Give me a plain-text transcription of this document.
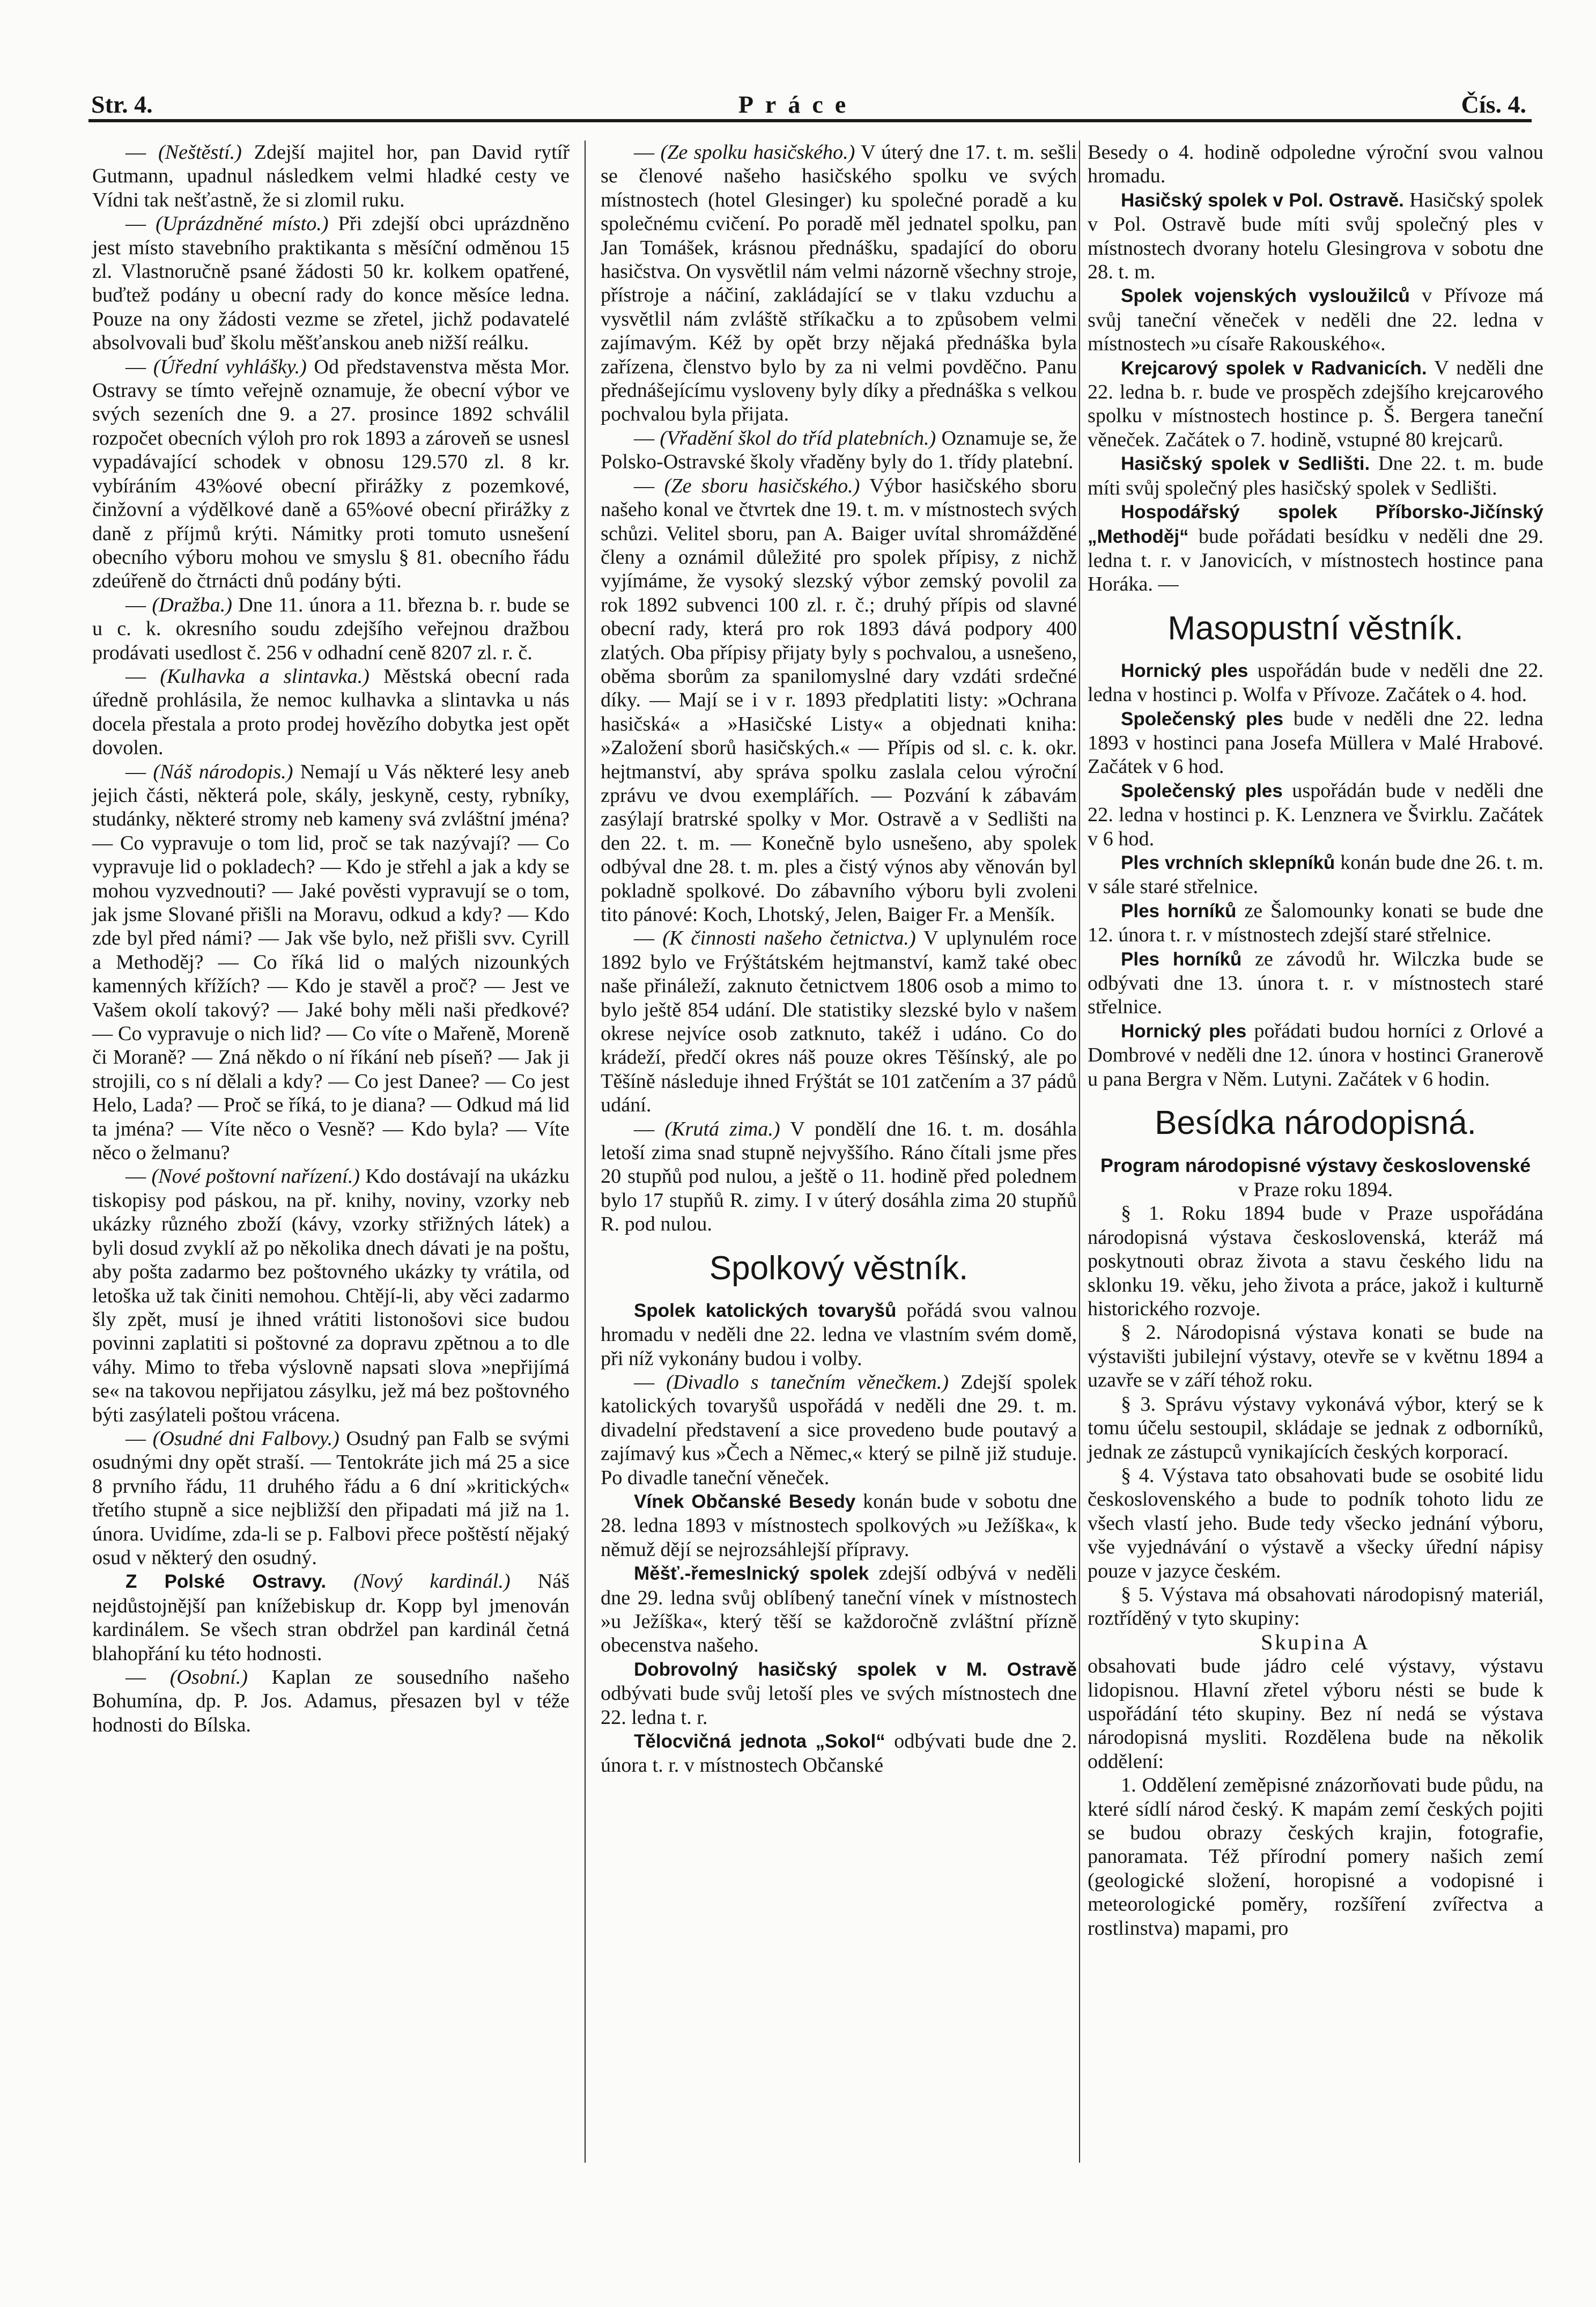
Str. 4.	Práce	Čís. 4.

— (Neštěstí.) Zdejší majitel hor, pan David rytíř Gutmann, upadnul následkem velmi hladké cesty ve Vídni tak nešťastně, že si zlomil ruku.

— (Uprázdněné místo.) Při zdejší obci uprázdněno jest místo stavebního praktikanta s měsíční odměnou 15 zl. Vlastnoručně psané žádosti 50 kr. kolkem opatřené, buďtež podány u obecní rady do konce měsíce ledna. Pouze na ony žádosti vezme se zřetel, jichž podavatelé absolvovali buď školu měšťanskou aneb nižší reálku.

— (Úřední vyhlášky.) Od představenstva města Mor. Ostravy se tímto veřejně oznamuje, že obecní výbor ve svých sezeních dne 9. a 27. prosince 1892 schválil rozpočet obecních výloh pro rok 1893 a zároveň se usnesl vypadávající schodek v obnosu 129.570 zl. 8 kr. vybíráním 43%ové obecní přirážky z pozemkové, činžovní a výdělkové daně a 65%ové obecní přirážky z daně z příjmů krýti. Námitky proti tomuto usnešení obecního výboru mohou ve smyslu § 81. obecního řádu zdeúřeně do čtrnácti dnů podány býti.

— (Dražba.) Dne 11. února a 11. března b. r. bude se u c. k. okresního soudu zdejšího veřejnou dražbou prodávati usedlost č. 256 v odhadní ceně 8207 zl. r. č.

— (Kulhavka a slintavka.) Městská obecní rada úředně prohlásila, že nemoc kulhavka a slintavka u nás docela přestala a proto prodej hovězího dobytka jest opět dovolen.

— (Náš národopis.) Nemají u Vás některé lesy aneb jejich části, některá pole, skály, jeskyně, cesty, rybníky, studánky, některé stromy neb kameny svá zvláštní jména? — Co vypravuje o tom lid, proč se tak nazývají? — Co vypravuje lid o pokladech? — Kdo je střehl a jak a kdy se mohou vyzvednouti? — Jaké pověsti vypravují se o tom, jak jsme Slované přišli na Moravu, odkud a kdy? — Kdo zde byl před námi? — Jak vše bylo, než přišli svv. Cyrill a Methoděj? — Co říká lid o malých nizounkých kamenných křížích? — Kdo je stavěl a proč? — Jest ve Vašem okolí takový? — Jaké bohy měli naši předkové? — Co vypravuje o nich lid? — Co víte o Mařeně, Moreně či Moraně? — Zná někdo o ní říkání neb píseň? — Jak ji strojili, co s ní dělali a kdy? — Co jest Danee? — Co jest Helo, Lada? — Proč se říká, to je diana? — Odkud má lid ta jména? — Víte něco o Vesně? — Kdo byla? — Víte něco o želmanu?

— (Nové poštovní nařízení.) Kdo dostávají na ukázku tiskopisy pod páskou, na př. knihy, noviny, vzorky neb ukázky různého zboží (kávy, vzorky střižných látek) a byli dosud zvyklí až po několika dnech dávati je na poštu, aby pošta zadarmo bez poštovného ukázky ty vrátila, od letoška už tak činiti nemohou. Chtějí-li, aby věci zadarmo šly zpět, musí je ihned vrátiti listonošovi sice budou povinni zaplatiti si poštovné za dopravu zpětnou a to dle váhy. Mimo to třeba výslovně napsati slova »nepřijímá se« na takovou nepřijatou zásylku, jež má bez poštovného býti zasýlateli poštou vrácena.

— (Osudné dni Falbovy.) Osudný pan Falb se svými osudnými dny opět straší. — Tentokráte jich má 25 a sice 8 prvního řádu, 11 druhého řádu a 6 dní »kritických« třetího stupně a sice nejbližší den připadati má již na 1. února. Uvidíme, zda-li se p. Falbovi přece poštěstí nějaký osud v některý den osudný.

Z Polské Ostravy. (Nový kardinál.) Náš nejdůstojnější pan knížebiskup dr. Kopp byl jmenován kardinálem. Se všech stran obdržel pan kardinál četná blahopřání ku této hodnosti.

— (Osobní.) Kaplan ze sousedního našeho Bohumína, dp. P. Jos. Adamus, přesazen byl v téže hodnosti do Bílska.

— (Ze spolku hasičského.) V úterý dne 17. t. m. sešli se členové našeho hasičského spolku ve svých místnostech (hotel Glesinger) ku společné poradě a ku společnému cvičení. Po poradě měl jednatel spolku, pan Jan Tomášek, krásnou přednášku, spadající do oboru hasičstva. On vysvětlil nám velmi názorně všechny stroje, přístroje a náčiní, zakládající se v tlaku vzduchu a vysvětlil nám zvláště stříkačku a to způsobem velmi zajímavým. Kéž by opět brzy nějaká přednáška byla zařízena, členstvo bylo by za ni velmi povděčno. Panu přednášejícímu vysloveny byly díky a přednáška s velkou pochvalou byla přijata.

— (Vřadění škol do tříd platebních.) Oznamuje se, že Polsko-Ostravské školy vřaděny byly do 1. třídy platební.

— (Ze sboru hasičského.) Výbor hasičského sboru našeho konal ve čtvrtek dne 19. t. m. v místnostech svých schůzi. Velitel sboru, pan A. Baiger uvítal shromážděné členy a oznámil důležité pro spolek přípisy, z nichž vyjímáme, že vysoký slezský výbor zemský povolil za rok 1892 subvenci 100 zl. r. č.; druhý přípis od slavné obecní rady, která pro rok 1893 dává podpory 400 zlatých. Oba přípisy přijaty byly s pochvalou, a usnešeno, oběma sborům za spanilomyslné dary vzdáti srdečné díky. — Mají se i v r. 1893 předplatiti listy: »Ochrana hasičská« a »Hasičské Listy« a objednati kniha: »Založení sborů hasičských.« — Přípis od sl. c. k. okr. hejtmanství, aby správa spolku zaslala celou výroční zprávu ve dvou exemplářích. — Pozvání k zábavám zasýlají bratrské spolky v Mor. Ostravě a v Sedlišti na den 22. t. m. — Konečně bylo usnešeno, aby spolek odbýval dne 28. t. m. ples a čistý výnos aby věnován byl pokladně spolkové. Do zábavního výboru byli zvoleni tito pánové: Koch, Lhotský, Jelen, Baiger Fr. a Menšík.

— (K činnosti našeho četnictva.) V uplynulém roce 1892 bylo ve Frýštátském hejtmanství, kamž také obec naše přináleží, zaknuto četnictvem 1806 osob a mimo to bylo ještě 854 udání. Dle statistiky slezské bylo v našem okrese nejvíce osob zatknuto, takéž i udáno. Co do krádeží, předčí okres náš pouze okres Těšínský, ale po Těšíně následuje ihned Frýštát se 101 zatčením a 37 pádů udání.

— (Krutá zima.) V pondělí dne 16. t. m. dosáhla letoší zima snad stupně nejvyššího. Ráno čítali jsme přes 20 stupňů pod nulou, a ještě o 11. hodině před polednem bylo 17 stupňů R. zimy. I v úterý dosáhla zima 20 stupňů R. pod nulou.

Spolkový věstník.

Spolek katolických tovaryšů pořádá svou valnou hromadu v neděli dne 22. ledna ve vlastním svém domě, při níž vykonány budou i volby.

— (Divadlo s tanečním věnečkem.) Zdejší spolek katolických tovaryšů uspořádá v neděli dne 29. t. m. divadelní představení a sice provedeno bude poutavý a zajímavý kus »Čech a Němec,« který se pilně již studuje. Po divadle taneční věneček.

Vínek Občanské Besedy konán bude v sobotu dne 28. ledna 1893 v místnostech spolkových »u Ježíška«, k němuž dějí se nejrozsáhlejší přípravy.

Měšť.-řemeslnický spolek zdejší odbývá v neděli dne 29. ledna svůj oblíbený taneční vínek v místnostech »u Ježíška«, který těší se každoročně zvláštní přízně obecenstva našeho.

Dobrovolný hasičský spolek v M. Ostravě odbývati bude svůj letoší ples ve svých místnostech dne 22. ledna t. r.

Tělocvičná jednota „Sokol“ odbývati bude dne 2. února t. r. v místnostech Občanské

Besedy o 4. hodině odpoledne výroční svou valnou hromadu.

Hasičský spolek v Pol. Ostravě. Hasičský spolek v Pol. Ostravě bude míti svůj společný ples v místnostech dvorany hotelu Glesingrova v sobotu dne 28. t. m.

Spolek vojenských vysloužilců v Přívoze má svůj taneční věneček v neděli dne 22. ledna v místnostech »u císaře Rakouského«.

Krejcarový spolek v Radvanicích. V neděli dne 22. ledna b. r. bude ve prospěch zdejšího krejcarového spolku v místnostech hostince p. Š. Bergera taneční věneček. Začátek o 7. hodině, vstupné 80 krejcarů.

Hasičský spolek v Sedlišti. Dne 22. t. m. bude míti svůj společný ples hasičský spolek v Sedlišti.

Hospodářský spolek Příborsko-Jičínský „Methoděj“ bude pořádati besídku v neděli dne 29. ledna t. r. v Janovicích, v místnostech hostince pana Horáka. —

Masopustní věstník.

Hornický ples uspořádán bude v neděli dne 22. ledna v hostinci p. Wolfa v Přívoze. Začátek o 4. hod.

Společenský ples bude v neděli dne 22. ledna 1893 v hostinci pana Josefa Müllera v Malé Hrabové. Začátek v 6 hod.

Společenský ples uspořádán bude v neděli dne 22. ledna v hostinci p. K. Lenznera ve Švirklu. Začátek v 6 hod.

Ples vrchních sklepníků konán bude dne 26. t. m. v sále staré střelnice.

Ples horníků ze Šalomounky konati se bude dne 12. února t. r. v místnostech zdejší staré střelnice.

Ples horníků ze závodů hr. Wilczka bude se odbývati dne 13. února t. r. v místnostech staré střelnice.

Hornický ples pořádati budou horníci z Orlové a Dombrové v neděli dne 12. února v hostinci Granerově u pana Bergra v Něm. Lutyni. Začátek v 6 hodin.

Besídka národopisná.

Program národopisné výstavy československé

v Praze roku 1894.

§ 1. Roku 1894 bude v Praze uspořádána národopisná výstava československá, kteráž má poskytnouti obraz života a stavu českého lidu na sklonku 19. věku, jeho života a práce, jakož i kulturně historického rozvoje.

§ 2. Národopisná výstava konati se bude na výstavišti jubilejní výstavy, otevře se v květnu 1894 a uzavře se v září téhož roku.

§ 3. Správu výstavy vykonává výbor, který se k tomu účelu sestoupil, skládaje se jednak z odborníků, jednak ze zástupců vynikajících českých korporací.

§ 4. Výstava tato obsahovati bude se osobité lidu československého a bude to podník tohoto lidu ze všech vlastí jeho. Bude tedy všecko jednání výboru, vše vyjednávání o výstavě a všecky úřední nápisy pouze v jazyce českém.

§ 5. Výstava má obsahovati národopisný materiál, roztříděný v tyto skupiny:

Skupina A

obsahovati bude jádro celé výstavy, výstavu lidopisnou. Hlavní zřetel výboru nésti se bude k uspořádání této skupiny. Bez ní nedá se výstava národopisná mysliti. Rozdělena bude na několik oddělení:

1. Oddělení zeměpisné znázorňovati bude půdu, na které sídlí národ český. K mapám zemí českých pojiti se budou obrazy českých krajin, fotografie, panoramata. Též přírodní pomery našich zemí (geologické složení, horopisné a vodopisné i meteorologické poměry, rozšíření zvířectva a rostlinstva) mapami, pro
